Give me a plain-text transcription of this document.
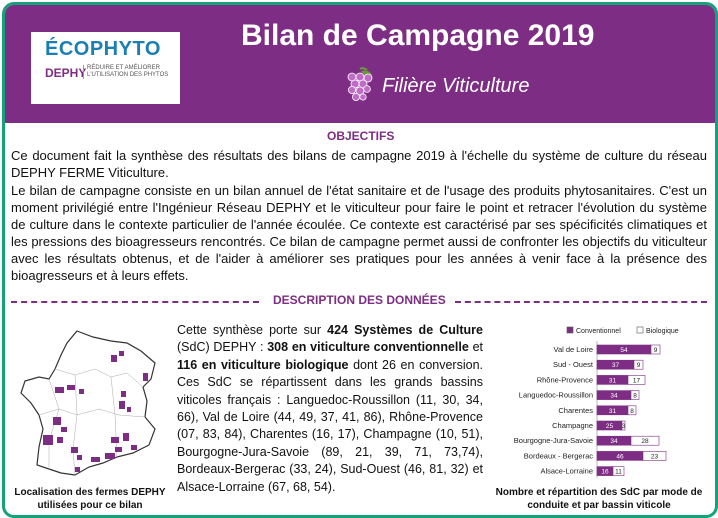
ÉCOPHYTO
DEPHY RÉDUIRE ET AMÉLIORER L'UTILISATION DES PHYTOS
Bilan de Campagne 2019
Filière Viticulture
OBJECTIFS
Ce document fait la synthèse des résultats des bilans de campagne 2019 à l'échelle du système de culture du réseau DEPHY FERME Viticulture.
Le bilan de campagne consiste en un bilan annuel de l'état sanitaire et de l'usage des produits phytosanitaires. C'est un moment privilégié entre l'Ingénieur Réseau DEPHY et le viticulteur pour faire le point et retracer l'évolution du système de culture dans le contexte particulier de l'année écoulée. Ce contexte est caractérisé par ses spécificités climatiques et les pressions des bioagresseurs rencontrés. Ce bilan de campagne permet aussi de confronter les objectifs du viticulteur avec les résultats obtenus, et de l'aider à améliorer ses pratiques pour les années à venir face à la présence des bioagresseurs et à leurs effets.
DESCRIPTION DES DONNÉES
Localisation des fermes DEPHY utilisées pour ce bilan
Cette synthèse porte sur 424 Systèmes de Culture (SdC) DEPHY : 308 en viticulture conventionnelle et 116 en viticulture biologique dont 26 en conversion. Ces SdC se répartissent dans les grands bassins viticoles français : Languedoc-Roussillon (11, 30, 34, 66), Val de Loire (44, 49, 37, 41, 86), Rhône-Provence (07, 83, 84), Charentes (16, 17), Champagne (10, 51), Bourgogne-Jura-Savoie (89, 21, 39, 71, 73,74), Bordeaux-Bergerac (33, 24), Sud-Ouest (46, 81, 32) et Alsace-Lorraine (67, 68, 54).
Conventionnel	Biologique
Val de Loire	54	9
Sud - Ouest	37	9
Rhône-Provence 31	17
Languedoc-Roussillon	34 8
Charentes 31 8
Champagne 25 3
Bourgogne-Jura-Savoie	34	28
Bordeaux - Bergerac	46	23
Alsace-Lorraine 16 11
Nombre et répartition des SdC par mode de conduite et par bassin viticole
